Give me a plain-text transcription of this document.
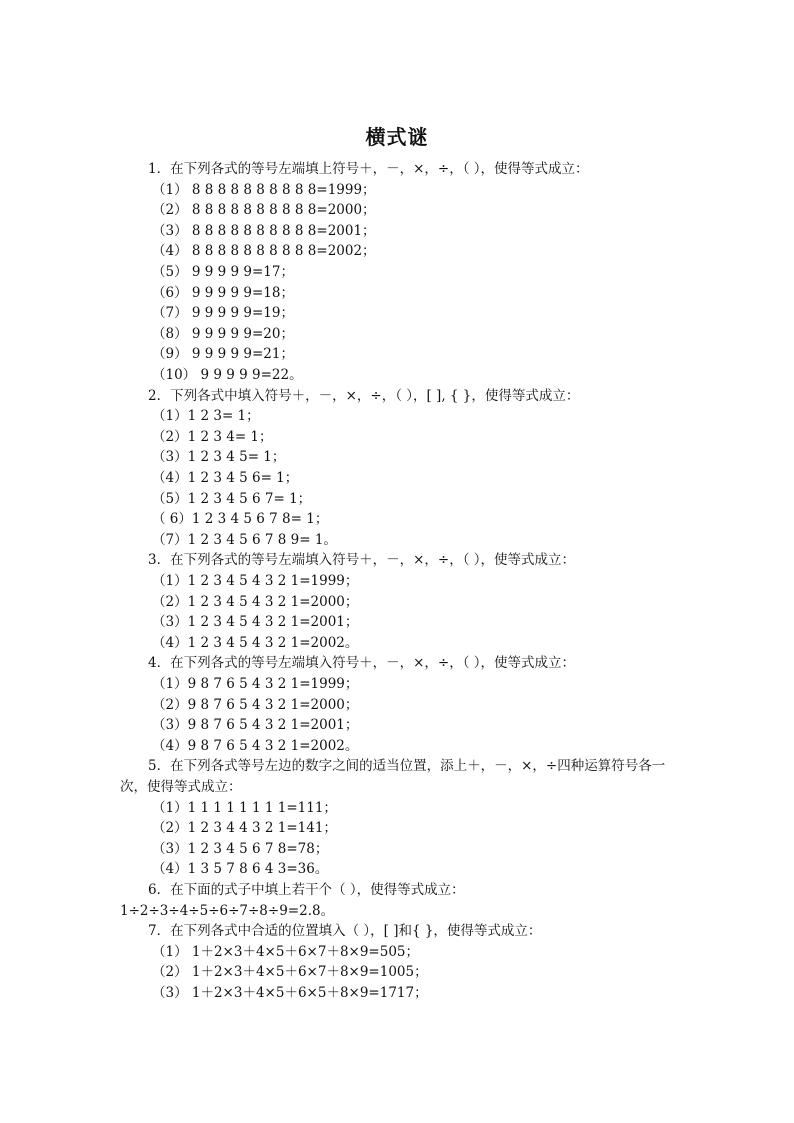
横式谜
1．在下列各式的等号左端填上符号＋，－，×，÷，（ ），使得等式成立：
（1） 8 8 8 8 8 8 8 8 8 8=1999；
（2） 8 8 8 8 8 8 8 8 8 8=2000；
（3） 8 8 8 8 8 8 8 8 8 8=2001；
（4） 8 8 8 8 8 8 8 8 8 8=2002；
（5） 9 9 9 9 9=17；
（6） 9 9 9 9 9=18；
（7） 9 9 9 9 9=19；
（8） 9 9 9 9 9=20；
（9） 9 9 9 9 9=21；
（10） 9 9 9 9 9=22。
2．下列各式中填入符号＋，－，×，÷，（ ），[ ], { }，使得等式成立：
（1）1 2 3= 1；
（2）1 2 3 4= 1；
（3）1 2 3 4 5= 1；
（4）1 2 3 4 5 6= 1；
（5）1 2 3 4 5 6 7= 1；
（ 6）1 2 3 4 5 6 7 8= 1；
（7）1 2 3 4 5 6 7 8 9= 1。
3．在下列各式的等号左端填入符号＋，－，×，÷，（ ），使等式成立：
（1）1 2 3 4 5 4 3 2 1=1999；
（2）1 2 3 4 5 4 3 2 1=2000；
（3）1 2 3 4 5 4 3 2 1=2001；
（4）1 2 3 4 5 4 3 2 1=2002。
4．在下列各式的等号左端填入符号＋，－，×，÷，（ ），使等式成立：
（1）9 8 7 6 5 4 3 2 1=1999；
（2）9 8 7 6 5 4 3 2 1=2000；
（3）9 8 7 6 5 4 3 2 1=2001；
（4）9 8 7 6 5 4 3 2 1=2002。
5．在下列各式等号左边的数字之间的适当位置，添上＋，－，×，÷四种运算符号各一
次，使得等式成立：
（1）1 1 1 1 1 1 1 1=111；
（2）1 2 3 4 4 3 2 1=141；
（3）1 2 3 4 5 6 7 8=78；
（4）1 3 5 7 8 6 4 3=36。
6．在下面的式子中填上若干个（ ），使得等式成立：
1÷2÷3÷4÷5÷6÷7÷8÷9=2.8。
7．在下列各式中合适的位置填入（ ），[ ]和{ }，使得等式成立：
（1） 1＋2×3＋4×5＋6×7＋8×9=505；
（2） 1＋2×3＋4×5＋6×7＋8×9=1005；
（3） 1＋2×3＋4×5＋6×5＋8×9=1717；
